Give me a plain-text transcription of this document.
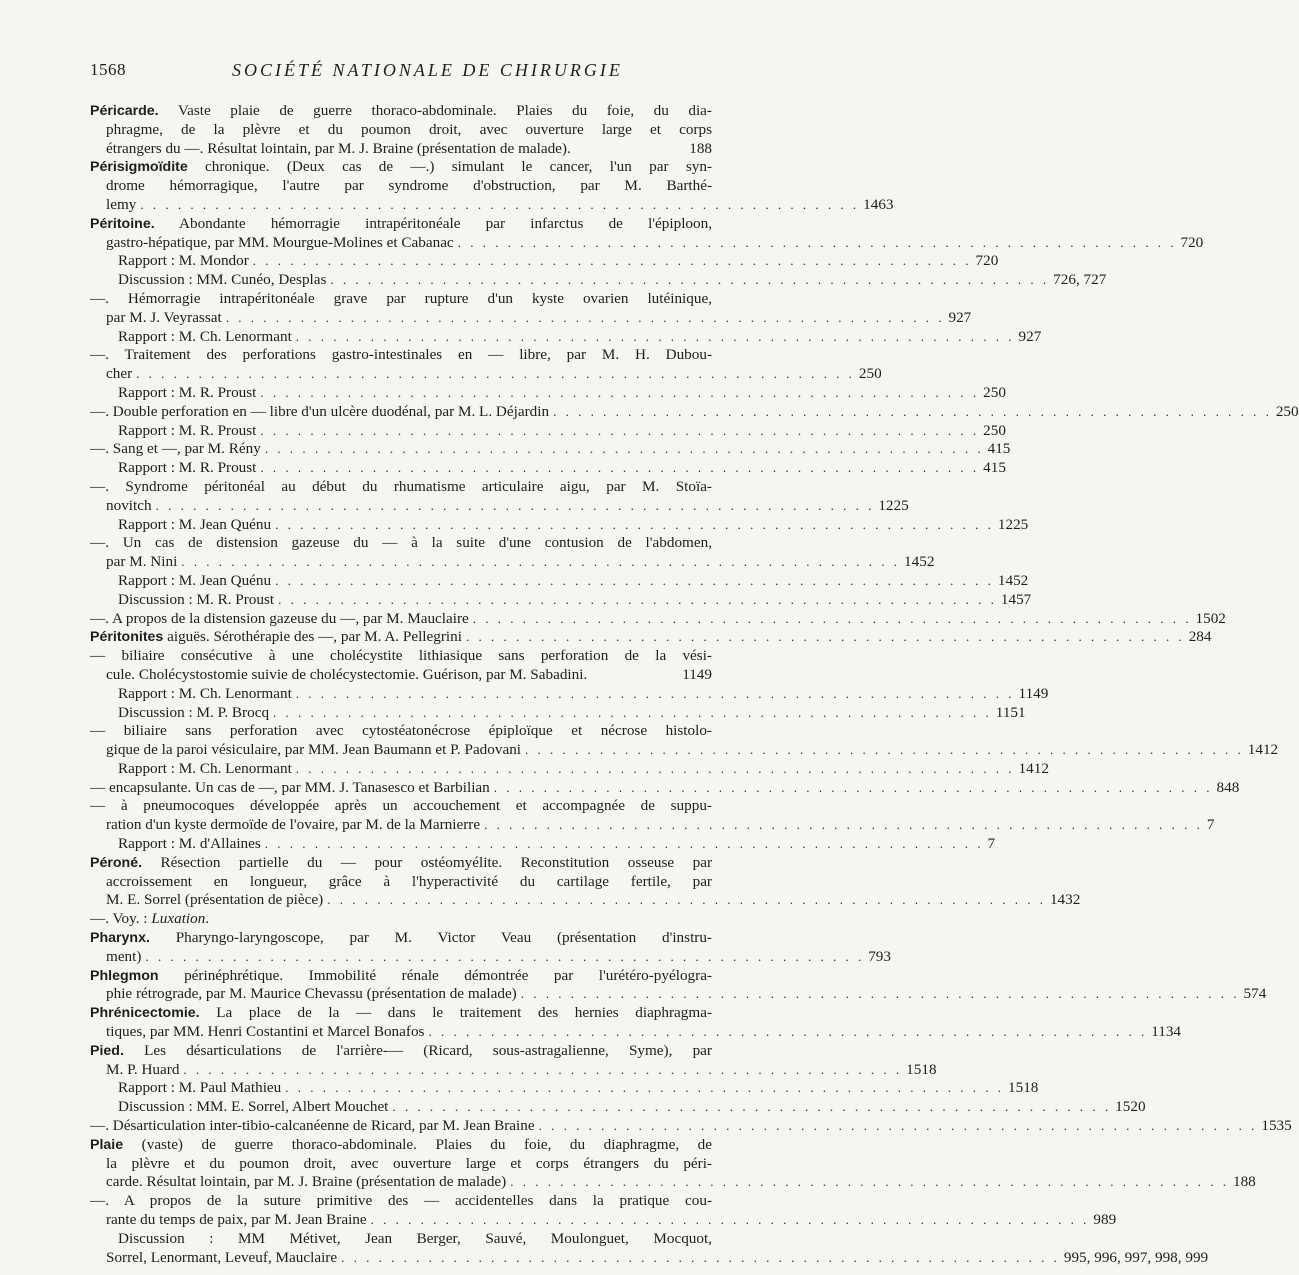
1568	SOCIÉTÉ NATIONALE DE CHIRURGIE
Péricarde. Vaste plaie de guerre thoraco-abdominale. Plaies du foie, du dia-
phragme, de la plèvre et du poumon droit, avec ouverture large et corps
étrangers du —. Résultat lointain, par M. J. Braine (présentation de malade).	188
Périsigmoïdite chronique. (Deux cas de —.) simulant le cancer, l'un par syn-
drome hémorragique, l'autre par syndrome d'obstruction, par M. Barthé-
lemy . . . . . . . . . . . . . . . . . . . . . . . . . . . . . . . . . . . . . . . . . . . . . . . . . . . . . . . . . . 1463
Péritoine. Abondante hémorragie intrapéritonéale par infarctus de l'épiploon,
gastro-hépatique, par MM. Mourgue-Molines et Cabanac . . . . . . . . . . . . . . . . . . . . . . . . . . . . . . . . . . . . . . . . . . . . . . . . . . . . . . . . . . 720
Rapport : M. Mondor . . . . . . . . . . . . . . . . . . . . . . . . . . . . . . . . . . . . . . . . . . . . . . . . . . . . . . . . . . 720
Discussion : MM. Cunéo, Desplas . . . . . . . . . . . . . . . . . . . . . . . . . . . . . . . . . . . . . . . . . . . . . . . . . . . . . . . . . . 726, 727
—. Hémorragie intrapéritonéale grave par rupture d'un kyste ovarien lutéinique,
par M. J. Veyrassat . . . . . . . . . . . . . . . . . . . . . . . . . . . . . . . . . . . . . . . . . . . . . . . . . . . . . . . . . . 927
Rapport : M. Ch. Lenormant . . . . . . . . . . . . . . . . . . . . . . . . . . . . . . . . . . . . . . . . . . . . . . . . . . . . . . . . . . 927
—. Traitement des perforations gastro-intestinales en — libre, par M. H. Dubou-
cher . . . . . . . . . . . . . . . . . . . . . . . . . . . . . . . . . . . . . . . . . . . . . . . . . . . . . . . . . . 250
Rapport : M. R. Proust . . . . . . . . . . . . . . . . . . . . . . . . . . . . . . . . . . . . . . . . . . . . . . . . . . . . . . . . . . 250
—. Double perforation en — libre d'un ulcère duodénal, par M. L. Déjardin . . . . . . . . . . . . . . . . . . . . . . . . . . . . . . . . . . . . . . . . . . . . . . . . . . . . . . . . . . 250
Rapport : M. R. Proust . . . . . . . . . . . . . . . . . . . . . . . . . . . . . . . . . . . . . . . . . . . . . . . . . . . . . . . . . . 250
—. Sang et —, par M. Rény . . . . . . . . . . . . . . . . . . . . . . . . . . . . . . . . . . . . . . . . . . . . . . . . . . . . . . . . . . 415
Rapport : M. R. Proust . . . . . . . . . . . . . . . . . . . . . . . . . . . . . . . . . . . . . . . . . . . . . . . . . . . . . . . . . . 415
—. Syndrome péritonéal au début du rhumatisme articulaire aigu, par M. Stoïa-
novitch . . . . . . . . . . . . . . . . . . . . . . . . . . . . . . . . . . . . . . . . . . . . . . . . . . . . . . . . . . 1225
Rapport : M. Jean Quénu . . . . . . . . . . . . . . . . . . . . . . . . . . . . . . . . . . . . . . . . . . . . . . . . . . . . . . . . . . 1225
—. Un cas de distension gazeuse du — à la suite d'une contusion de l'abdomen,
par M. Nini . . . . . . . . . . . . . . . . . . . . . . . . . . . . . . . . . . . . . . . . . . . . . . . . . . . . . . . . . . 1452
Rapport : M. Jean Quénu . . . . . . . . . . . . . . . . . . . . . . . . . . . . . . . . . . . . . . . . . . . . . . . . . . . . . . . . . . 1452
Discussion : M. R. Proust . . . . . . . . . . . . . . . . . . . . . . . . . . . . . . . . . . . . . . . . . . . . . . . . . . . . . . . . . . 1457
—. A propos de la distension gazeuse du —, par M. Mauclaire . . . . . . . . . . . . . . . . . . . . . . . . . . . . . . . . . . . . . . . . . . . . . . . . . . . . . . . . . . 1502
Péritonites aiguës. Sérothérapie des —, par M. A. Pellegrini . . . . . . . . . . . . . . . . . . . . . . . . . . . . . . . . . . . . . . . . . . . . . . . . . . . . . . . . . . 284
— biliaire consécutive à une cholécystite lithiasique sans perforation de la vési-
cule. Cholécystostomie suivie de cholécystectomie. Guérison, par M. Sabadini.	1149
Rapport : M. Ch. Lenormant . . . . . . . . . . . . . . . . . . . . . . . . . . . . . . . . . . . . . . . . . . . . . . . . . . . . . . . . . . 1149
Discussion : M. P. Brocq . . . . . . . . . . . . . . . . . . . . . . . . . . . . . . . . . . . . . . . . . . . . . . . . . . . . . . . . . . 1151
— biliaire sans perforation avec cytostéatonécrose épiploïque et nécrose histolo-
gique de la paroi vésiculaire, par MM. Jean Baumann et P. Padovani . . . . . . . . . . . . . . . . . . . . . . . . . . . . . . . . . . . . . . . . . . . . . . . . . . . . . . . . . . 1412
Rapport : M. Ch. Lenormant . . . . . . . . . . . . . . . . . . . . . . . . . . . . . . . . . . . . . . . . . . . . . . . . . . . . . . . . . . 1412
— encapsulante. Un cas de —, par MM. J. Tanasesco et Barbilian . . . . . . . . . . . . . . . . . . . . . . . . . . . . . . . . . . . . . . . . . . . . . . . . . . . . . . . . . . 848
— à pneumocoques développée après un accouchement et accompagnée de suppu-
ration d'un kyste dermoïde de l'ovaire, par M. de la Marnierre . . . . . . . . . . . . . . . . . . . . . . . . . . . . . . . . . . . . . . . . . . . . . . . . . . . . . . . . . . 7
Rapport : M. d'Allaines . . . . . . . . . . . . . . . . . . . . . . . . . . . . . . . . . . . . . . . . . . . . . . . . . . . . . . . . . . 7
Péroné. Résection partielle du — pour ostéomyélite. Reconstitution osseuse par
accroissement en longueur, grâce à l'hyperactivité du cartilage fertile, par
M. E. Sorrel (présentation de pièce) . . . . . . . . . . . . . . . . . . . . . . . . . . . . . . . . . . . . . . . . . . . . . . . . . . . . . . . . . . 1432
—. Voy. : Luxation.
Pharynx. Pharyngo-laryngoscope, par M. Victor Veau (présentation d'instru-
ment) . . . . . . . . . . . . . . . . . . . . . . . . . . . . . . . . . . . . . . . . . . . . . . . . . . . . . . . . . . 793
Phlegmon périnéphrétique. Immobilité rénale démontrée par l'urétéro-pyélogra-
phie rétrograde, par M. Maurice Chevassu (présentation de malade) . . . . . . . . . . . . . . . . . . . . . . . . . . . . . . . . . . . . . . . . . . . . . . . . . . . . . . . . . . 574
Phrénicectomie. La place de la — dans le traitement des hernies diaphragma-
tiques, par MM. Henri Costantini et Marcel Bonafos . . . . . . . . . . . . . . . . . . . . . . . . . . . . . . . . . . . . . . . . . . . . . . . . . . . . . . . . . . 1134
Pied. Les désarticulations de l'arrière-— (Ricard, sous-astragalienne, Syme), par
M. P. Huard . . . . . . . . . . . . . . . . . . . . . . . . . . . . . . . . . . . . . . . . . . . . . . . . . . . . . . . . . . 1518
Rapport : M. Paul Mathieu . . . . . . . . . . . . . . . . . . . . . . . . . . . . . . . . . . . . . . . . . . . . . . . . . . . . . . . . . . 1518
Discussion : MM. E. Sorrel, Albert Mouchet . . . . . . . . . . . . . . . . . . . . . . . . . . . . . . . . . . . . . . . . . . . . . . . . . . . . . . . . . . 1520
—. Désarticulation inter-tibio-calcanéenne de Ricard, par M. Jean Braine . . . . . . . . . . . . . . . . . . . . . . . . . . . . . . . . . . . . . . . . . . . . . . . . . . . . . . . . . . 1535
Plaie (vaste) de guerre thoraco-abdominale. Plaies du foie, du diaphragme, de
la plèvre et du poumon droit, avec ouverture large et corps étrangers du péri-
carde. Résultat lointain, par M. J. Braine (présentation de malade) . . . . . . . . . . . . . . . . . . . . . . . . . . . . . . . . . . . . . . . . . . . . . . . . . . . . . . . . . . 188
—. A propos de la suture primitive des — accidentelles dans la pratique cou-
rante du temps de paix, par M. Jean Braine . . . . . . . . . . . . . . . . . . . . . . . . . . . . . . . . . . . . . . . . . . . . . . . . . . . . . . . . . . 989
Discussion : MM Métivet, Jean Berger, Sauvé, Moulonguet, Mocquot,
Sorrel, Lenormant, Leveuf, Mauclaire . . . . . . . . . . . . . . . . . . . . . . . . . . . . . . . . . . . . . . . . . . . . . . . . . . . . . . . . . . 995, 996, 997, 998, 999
